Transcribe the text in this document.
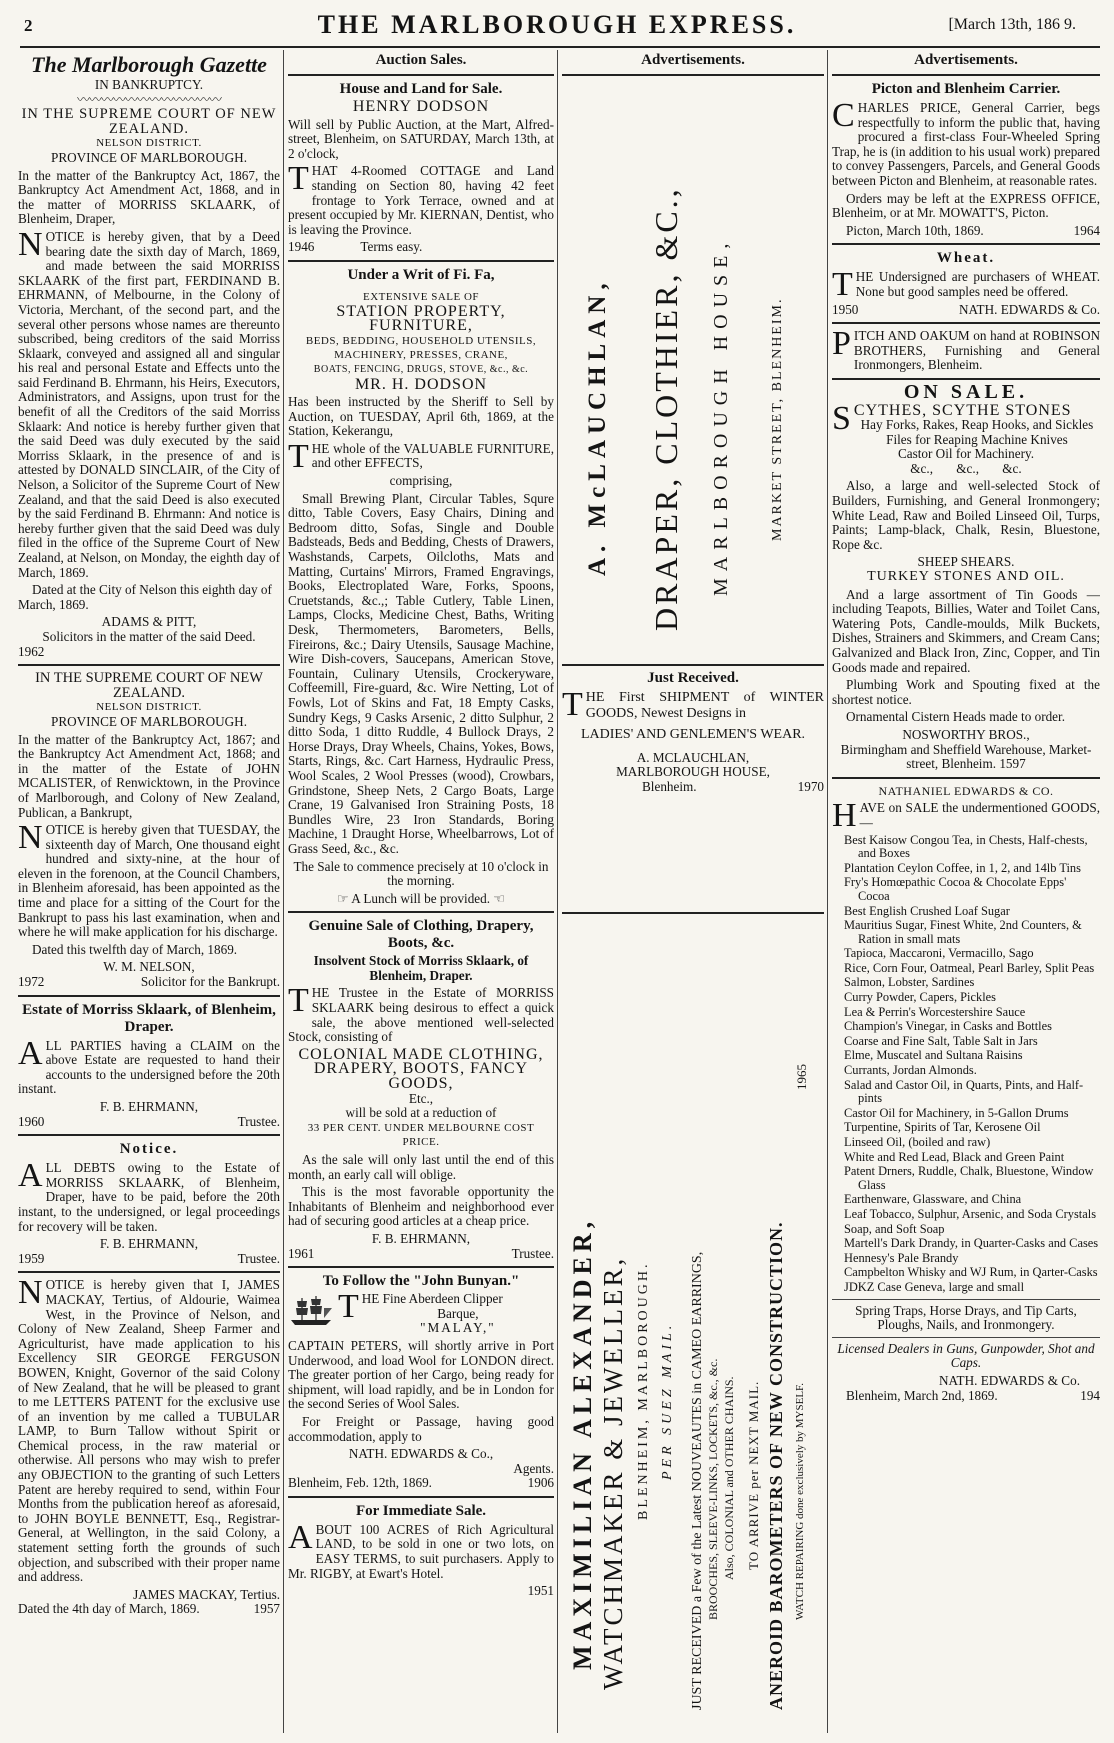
2	THE MARLBOROUGH EXPRESS.	[March 13th, 186 9.
The Marlborough Gazette
IN BANKRUPTCY.
〰〰〰〰〰〰〰〰〰〰〰〰
IN THE SUPREME COURT OF NEW ZEALAND.
NELSON DISTRICT.
PROVINCE OF MARLBOROUGH.

In the matter of the Bankruptcy Act, 1867, the Bankruptcy Act Amendment Act, 1868, and in the matter of MORRISS SKLAARK, of Blenheim, Draper,

NOTICE is hereby given, that by a Deed bearing date the sixth day of March, 1869, and made between the said MORRISS SKLAARK of the first part, FERDINAND B. EHRMANN, of Melbourne, in the Colony of Victoria, Merchant, of the second part, and the several other persons whose names are thereunto subscribed, being creditors of the said Morriss Sklaark, conveyed and assigned all and singular his real and personal Estate and Effects unto the said Ferdinand B. Ehrmann, his Heirs, Executors, Administrators, and Assigns, upon trust for the benefit of all the Creditors of the said Morriss Sklaark: And notice is hereby further given that the said Deed was duly executed by the said Morriss Sklaark, in the presence of and is attested by DONALD SINCLAIR, of the City of Nelson, a Solicitor of the Supreme Court of New Zealand, and that the said Deed is also executed by the said Ferdinand B. Ehrmann: And notice is hereby further given that the said Deed was duly filed in the office of the Supreme Court of New Zealand, at Nelson, on Monday, the eighth day of March, 1869.

Dated at the City of Nelson this eighth day of March, 1869.

ADAMS & PITT,
Solicitors in the matter of the said Deed.
1962
IN THE SUPREME COURT OF NEW ZEALAND.
NELSON DISTRICT.
PROVINCE OF MARLBOROUGH.

In the matter of the Bankruptcy Act, 1867; and the Bankruptcy Act Amendment Act, 1868; and in the matter of the Estate of JOHN MCALISTER, of Renwicktown, in the Province of Marlborough, and Colony of New Zealand, Publican, a Bankrupt,

NOTICE is hereby given that TUESDAY, the sixteenth day of March, One thousand eight hundred and sixty-nine, at the hour of eleven in the forenoon, at the Council Chambers, in Blenheim aforesaid, has been appointed as the time and place for a sitting of the Court for the Bankrupt to pass his last examination, when and where he will make application for his discharge.

Dated this twelfth day of March, 1869.

W. M. NELSON,
1972	Solicitor for the Bankrupt.
Estate of Morriss Sklaark, of Blenheim, Draper.

ALL PARTIES having a CLAIM on the above Estate are requested to hand their accounts to the undersigned before the 20th instant.

F. B. EHRMANN,
1960	Trustee.
Notice.

ALL DEBTS owing to the Estate of MORRISS SKLAARK, of Blenheim, Draper, have to be paid, before the 20th instant, to the undersigned, or legal proceedings for recovery will be taken.

F. B. EHRMANN,
1959	Trustee.

NOTICE is hereby given that I, JAMES MACKAY, Tertius, of Aldourie, Waimea West, in the Province of Nelson, and Colony of New Zealand, Sheep Farmer and Agriculturist, have made application to his Excellency SIR GEORGE FERGUSON BOWEN, Knight, Governor of the said Colony of New Zealand, that he will be pleased to grant to me LETTERS PATENT for the exclusive use of an invention by me called a TUBULAR LAMP, to Burn Tallow without Spirit or Chemical process, in the raw material or otherwise. All persons who may wish to prefer any OBJECTION to the granting of such Letters Patent are hereby required to send, within Four Months from the publication hereof as aforesaid, to JOHN BOYLE BENNETT, Esq., Registrar-General, at Wellington, in the said Colony, a statement setting forth the grounds of such objection, and subscribed with their proper name and address.

JAMES MACKAY, Tertius.
Dated the 4th day of March, 1869.	1957
Auction Sales.
House and Land for Sale.
HENRY DODSON

Will sell by Public Auction, at the Mart, Alfred-street, Blenheim, on SATURDAY, March 13th, at 2 o'clock,

THAT 4-Roomed COTTAGE and Land standing on Section 80, having 42 feet frontage to York Terrace, owned and at present occupied by Mr. KIERNAN, Dentist, who is leaving the Province.

1946	Terms easy.
Under a Writ of Fi. Fa,
EXTENSIVE SALE OF
STATION PROPERTY, FURNITURE,
BEDS, BEDDING, HOUSEHOLD UTENSILS,
MACHINERY, PRESSES, CRANE,
BOATS, FENCING, DRUGS, STOVE, &c., &c.
MR. H. DODSON

Has been instructed by the Sheriff to Sell by Auction, on TUESDAY, April 6th, 1869, at the Station, Kekerangu,

THE whole of the VALUABLE FURNITURE, and other EFFECTS,

comprising,

Small Brewing Plant, Circular Tables, Squre ditto, Table Covers, Easy Chairs, Dining and Bedroom ditto, Sofas, Single and Double Badsteads, Beds and Bedding, Chests of Drawers, Washstands, Carpets, Oilcloths, Mats and Matting, Curtains' Mirrors, Framed Engravings, Books, Electroplated Ware, Forks, Spoons, Cruetstands, &c.,; Table Cutlery, Table Linen, Lamps, Clocks, Medicine Chest, Baths, Writing Desk, Thermometers, Barometers, Bells, Fireirons, &c.; Dairy Utensils, Sausage Machine, Wire Dish-covers, Saucepans, American Stove, Fountain, Culinary Utensils, Crockeryware, Coffeemill, Fire-guard, &c. Wire Netting, Lot of Fowls, Lot of Skins and Fat, 18 Empty Casks, Sundry Kegs, 9 Casks Arsenic, 2 ditto Sulphur, 2 ditto Soda, 1 ditto Ruddle, 4 Bullock Drays, 2 Horse Drays, Dray Wheels, Chains, Yokes, Bows, Starts, Rings, &c. Cart Harness, Hydraulic Press, Wool Scales, 2 Wool Presses (wood), Crowbars, Grindstone, Sheep Nets, 2 Cargo Boats, Large Crane, 19 Galvanised Iron Straining Posts, 18 Bundles Wire, 23 Iron Standards, Boring Machine, 1 Draught Horse, Wheelbarrows, Lot of Grass Seed, &c., &c.

The Sale to commence precisely at 10 o'clock in the morning.

☞ A Lunch will be provided. ☜
Genuine Sale of Clothing, Drapery, Boots, &c.
Insolvent Stock of Morriss Sklaark, of Blenheim, Draper.

THE Trustee in the Estate of MORRISS SKLAARK being desirous to effect a quick sale, the above mentioned well-selected Stock, consisting of

COLONIAL MADE CLOTHING,
DRAPERY, BOOTS, FANCY GOODS,
Etc.,
will be sold at a reduction of
33 PER CENT. UNDER MELBOURNE COST PRICE.

As the sale will only last until the end of this month, an early call will oblige.

This is the most favorable opportunity the Inhabitants of Blenheim and neighborhood ever had of securing good articles at a cheap price.

F. B. EHRMANN,
1961	Trustee.
To Follow the "John Bunyan."
T HE Fine Aberdeen Clipper
Barque,
"MALAY,"

CAPTAIN PETERS, will shortly arrive in Port Underwood, and load Wool for LONDON direct. The greater portion of her Cargo, being ready for shipment, will load rapidly, and be in London for the second Series of Wool Sales.

For Freight or Passage, having good accommodation, apply to

NATH. EDWARDS & Co.,
Agents.
Blenheim, Feb. 12th, 1869.	1906
For Immediate Sale.

ABOUT 100 ACRES of Rich Agricultural LAND, to be sold in one or two lots, on EASY TERMS, to suit purchasers. Apply to Mr. RIGBY, at Ewart's Hotel.

1951
Advertisements.
A. McLAUCHLAN, DRAPER, CLOTHIER, &C., MARLBOROUGH HOUSE,	MARKET STREET, BLENHEIM.
Just Received.

THE First SHIPMENT of WINTER GOODS, Newest Designs in

LADIES' AND GENLEMEN'S WEAR.
A. MCLAUCHLAN,
MARLBOROUGH HOUSE,
Blenheim.	1970
MAXIMILIAN ALEXANDER, WATCHMAKER & JEWELLER, BLENHEIM, MARLBOROUGH. PER SUEZ MAIL. JUST RECEIVED a Few of the Latest NOUVEAUTES in CAMEO EARRINGS, BROOCHES, SLEEVE-LINKS, LOCKETS, &c., &c. Also, COLONIAL and OTHER CHAINS. TO ARRIVE per NEXT MAIL. ANEROID BAROMETERS OF NEW CONSTRUCTION. WATCH REPAIRING done exclusively by MYSELF.
1965
Advertisements.
Picton and Blenheim Carrier.

CHARLES PRICE, General Carrier, begs respectfully to inform the public that, having procured a first-class Four-Wheeled Spring Trap, he is (in addition to his usual work) prepared to convey Passengers, Parcels, and General Goods between Picton and Blenheim, at reasonable rates.

Orders may be left at the EXPRESS OFFICE, Blenheim, or at Mr. MOWATT'S, Picton.

Picton, March 10th, 1869.	1964
Wheat.

THE Undersigned are purchasers of WHEAT. None but good samples need be offered.

1950	NATH. EDWARDS & Co.

PITCH AND OAKUM on hand at ROBINSON BROTHERS, Furnishing and General Ironmongers, Blenheim.

ON SALE.

SCYTHES, SCYTHE STONES

Hay Forks, Rakes, Reap Hooks, and Sickles
Files for Reaping Machine Knives
Castor Oil for Machinery.
&c., &c., &c.

Also, a large and well-selected Stock of Builders, Furnishing, and General Ironmongery; White Lead, Raw and Boiled Linseed Oil, Turps, Paints; Lamp-black, Chalk, Resin, Bluestone, Rope &c.

SHEEP SHEARS.
TURKEY STONES AND OIL.

And a large assortment of Tin Goods —including Teapots, Billies, Water and Toilet Cans, Watering Pots, Candle-moulds, Milk Buckets, Dishes, Strainers and Skimmers, and Cream Cans; Galvanized and Black Iron, Zinc, Copper, and Tin Goods made and repaired.

Plumbing Work and Spouting fixed at the shortest notice.

Ornamental Cistern Heads made to order.

NOSWORTHY BROS.,
Birmingham and Sheffield Warehouse, Market-street, Blenheim. 1597
NATHANIEL EDWARDS & CO.

HAVE on SALE the undermentioned GOODS,—

Best Kaisow Congou Tea, in Chests, Half-chests, and Boxes

Plantation Ceylon Coffee, in 1, 2, and 14lb Tins

Fry's Homœpathic Cocoa & Chocolate Epps' Cocoa

Best English Crushed Loaf Sugar

Mauritius Sugar, Finest White, 2nd Counters, & Ration in small mats

Tapioca, Maccaroni, Vermacillo, Sago

Rice, Corn Four, Oatmeal, Pearl Barley, Split Peas

Salmon, Lobster, Sardines

Curry Powder, Capers, Pickles

Lea & Perrin's Worcestershire Sauce

Champion's Vinegar, in Casks and Bottles

Coarse and Fine Salt, Table Salt in Jars

Elme, Muscatel and Sultana Raisins

Currants, Jordan Almonds.

Salad and Castor Oil, in Quarts, Pints, and Half-pints

Castor Oil for Machinery, in 5-Gallon Drums

Turpentine, Spirits of Tar, Kerosene Oil

Linseed Oil, (boiled and raw)

White and Red Lead, Black and Green Paint

Patent Drners, Ruddle, Chalk, Bluestone, Window Glass

Earthenware, Glassware, and China

Leaf Tobacco, Sulphur, Arsenic, and Soda Crystals

Soap, and Soft Soap

Martell's Dark Drandy, in Quarter-Casks and Cases

Hennesy's Pale Brandy

Campbelton Whisky and WJ Rum, in Qarter-Casks

JDKZ Case Geneva, large and small

Spring Traps, Horse Drays, and Tip Carts, Ploughs, Nails, and Ironmongery.

Licensed Dealers in Guns, Gunpowder, Shot and Caps.

NATH. EDWARDS & Co.
Blenheim, March 2nd, 1869.	194
